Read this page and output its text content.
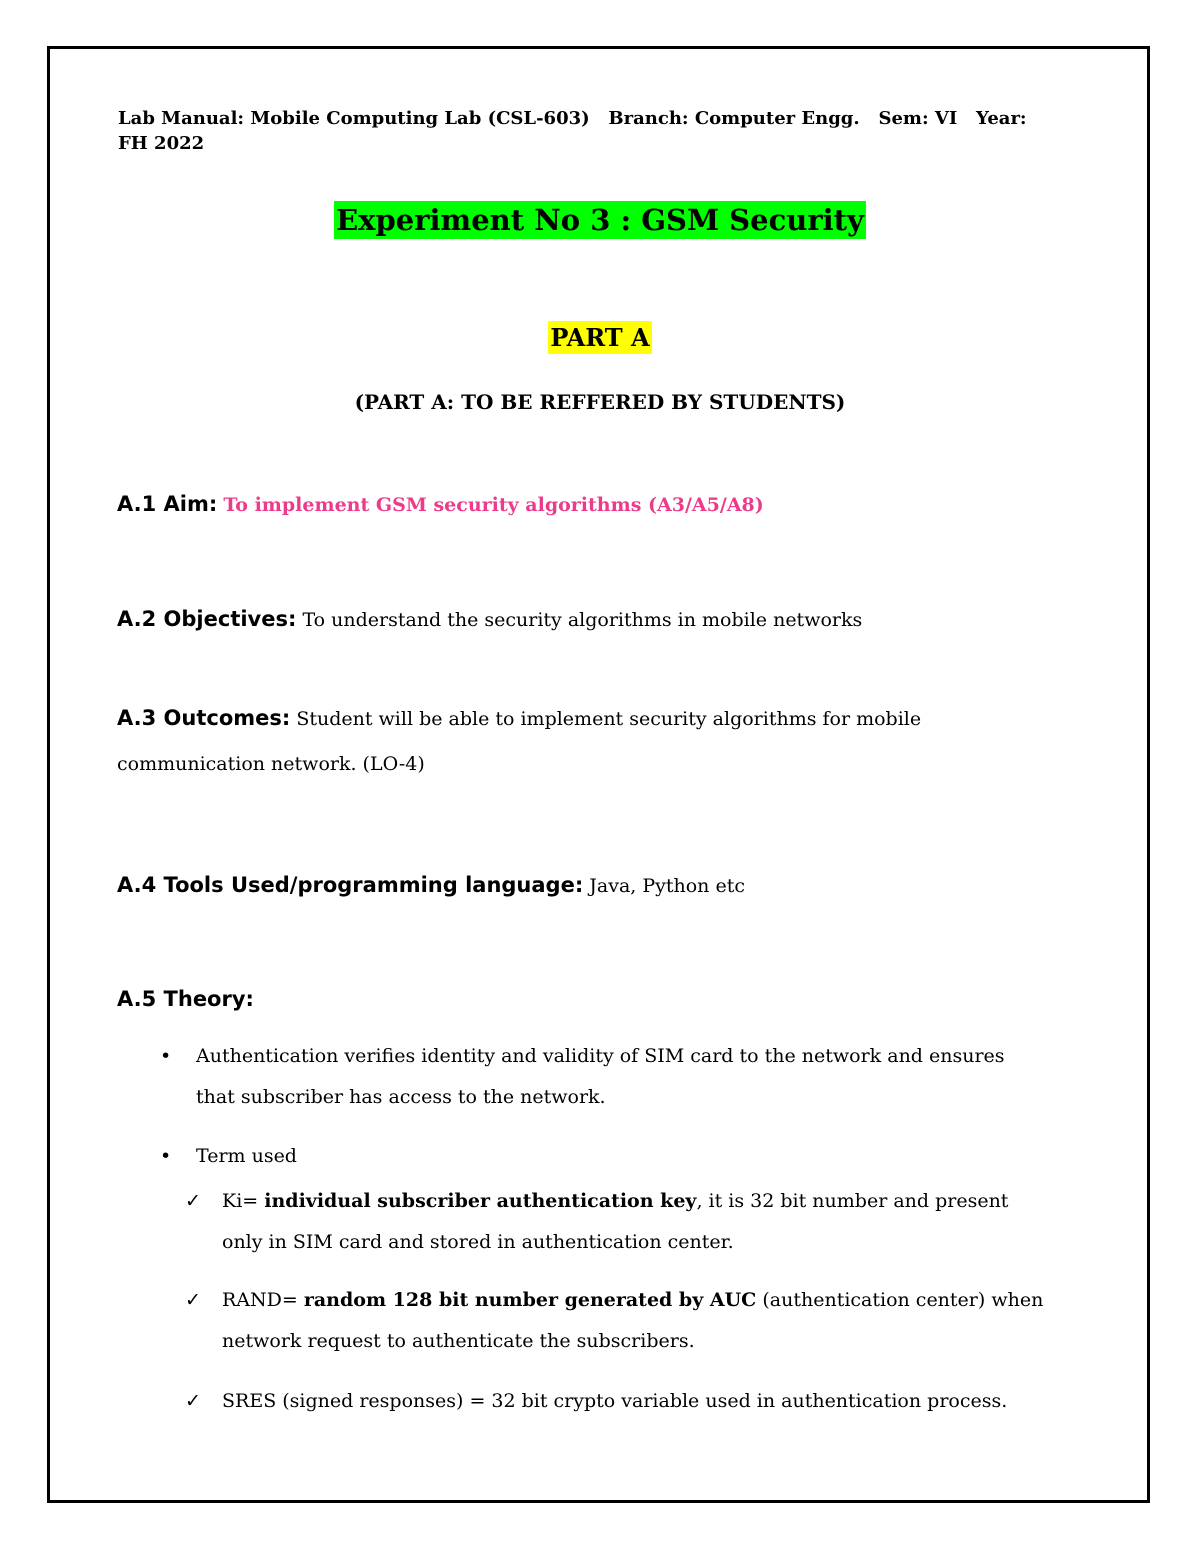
Lab Manual: Mobile Computing Lab (CSL-603)   Branch: Computer Engg.   Sem: VI   Year: FH 2022
Experiment No 3 : GSM Security
PART A
(PART A: TO BE REFFERED BY STUDENTS)
A.1 Aim: To implement GSM security algorithms (A3/A5/A8)
A.2 Objectives: To understand the security algorithms in mobile networks
A.3 Outcomes: Student will be able to implement security algorithms for mobile
communication network. (LO-4)
A.4 Tools Used/programming language: Java, Python etc
A.5 Theory:
•	Authentication verifies identity and validity of SIM card to the network and ensures
that subscriber has access to the network.
•	Term used
✓	Ki= individual subscriber authentication key, it is 32 bit number and present
only in SIM card and stored in authentication center.
✓	RAND= random 128 bit number generated by AUC (authentication center) when
network request to authenticate the subscribers.
✓	SRES (signed responses) = 32 bit crypto variable used in authentication process.
